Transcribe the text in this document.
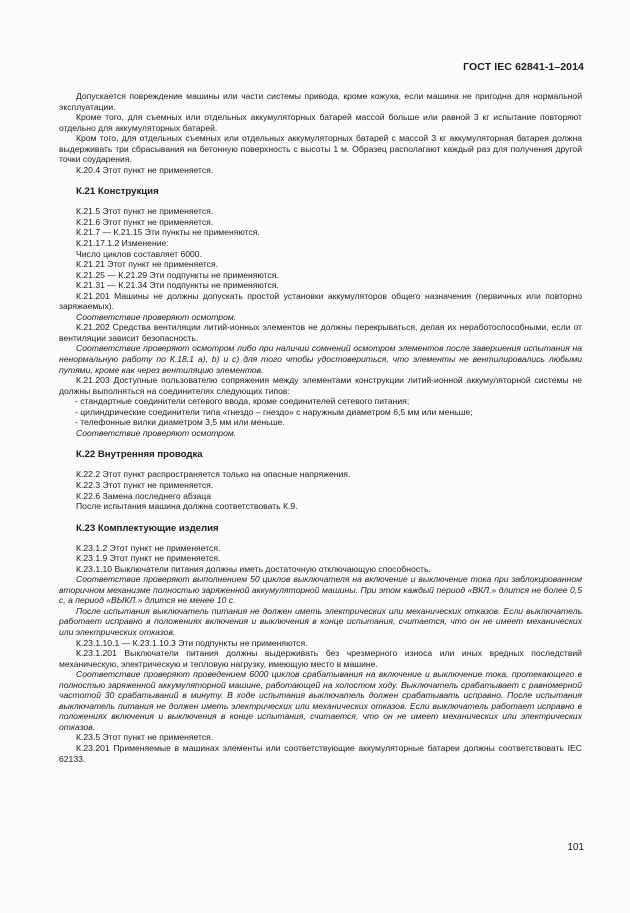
ГОСТ IEC 62841-1–2014

Допускается повреждение машины или части системы привода, кроме кожуха, если машина не пригодна для нормальной эксплуатации.

Кроме того, для съемных или отдельных аккумуляторных батарей массой больше или равной 3 кг испытание повторяют отдельно для аккумуляторных батарей.

Кром того, для отдельных съемных или отдельных аккумуляторных батарей с массой 3 кг аккумуляторная батарея должна выдерживать три сбрасывания на бетонную поверхность с высоты 1 м. Образец располагают каждый раз для получения другой точки соударения.

К.20.4 Этот пункт не применяется.

К.21 Конструкция

К.21.5 Этот пункт не применяется.

К.21.6 Этот пункт не применяется.

К.21.7 — К.21.15 Эти пункты не применяются.

К.21.17.1.2 Изменение:

Число циклов составляет 6000.

К.21.21 Этот пункт не применяется.

К.21.25 — К.21.29 Эти подпункты не применяются.

К.21.31 — К.21.34 Эти подпункты не применяются.

К.21.201 Машины не должны допускать простой установки аккумуляторов общего назначения (первичных или повторно заряжаемых).

Соответствие проверяют осмотром.

К.21.202 Средства вентиляции литий-ионных элементов не должны перекрываться, делая их неработоспособными, если от вентиляции зависит безопасность.

Соответствие проверяют осмотром либо при наличии сомнений осмотром элементов после завершения испытания на ненормальную работу по К.18.1 а), b) и с) для того чтобы удостовериться, что элементы не вентилировались любыми путями, кроме как через вентиляцию элементов.

К.21.203 Доступные пользователю сопряжения между элементами конструкции литий-ионной аккумуляторной системы не должны выполняться на соединителях следующих типов:

- стандартные соединители сетевого ввода, кроме соединителей сетевого питания;

- цилиндрические соединители типа «гнездо – гнездо» с наружным диаметром 6,5 мм или меньше;

- телефонные вилки диаметром 3,5 мм или меньше.

Соответствие проверяют осмотром.

К.22 Внутренняя проводка

К.22.2 Этот пункт распространяется только на опасные напряжения.

К.22.3 Этот пункт не применяется.

К.22.6 Замена последнего абзаца

После испытания машина должна соответствовать К.9.

К.23 Комплектующие изделия

К.23.1.2 Этот пункт не применяется.

К.23.1.9 Этот пункт не применяется.

К.23.1.10 Выключатели питания должны иметь достаточную отключающую способность.

Соответствие проверяют выполнением 50 циклов выключателя на включение и выключение тока при заблокированном вторичном механизме полностью заряженной аккумуляторной машины. При этом каждый период «ВКЛ.» длится не более 0,5 с, а период «ВЫКЛ.» длится не менее 10 с.

После испытания выключатель питания не должен иметь электрических или механических отказов. Если выключатель работает исправно в положениях включения и выключения в конце испытания, считается, что он не имеет механических или электрических отказов.

К.23.1.10.1 — К.23.1.10.3 Эти подпункты не применяются.

К.23.1.201 Выключатели питания должны выдерживать без чрезмерного износа или иных вредных последствий механическую, электрическую и тепловую нагрузку, имеющую место в машине.

Соответствие проверяют проведением 6000 циклов срабатывания на включение и выключение тока, протекающего в полностью заряженной аккумуляторной машине, работающей на холостом ходу. Выключатель срабатывает с равномерной частотой 30 срабатываний в минуту. В ходе испытания выключатель должен срабатывать исправно. После испытания выключатель питания не должен иметь электрических или механических отказов. Если выключатель работает исправно в положениях включения и выключения в конце испытания, считается, что он не имеет механических или электрических отказов.

К.23.5 Этот пункт не применяется.

К.23.201 Применяемые в машинах элементы или соответствующие аккумуляторные батареи должны соответствовать IEC 62133.

101
